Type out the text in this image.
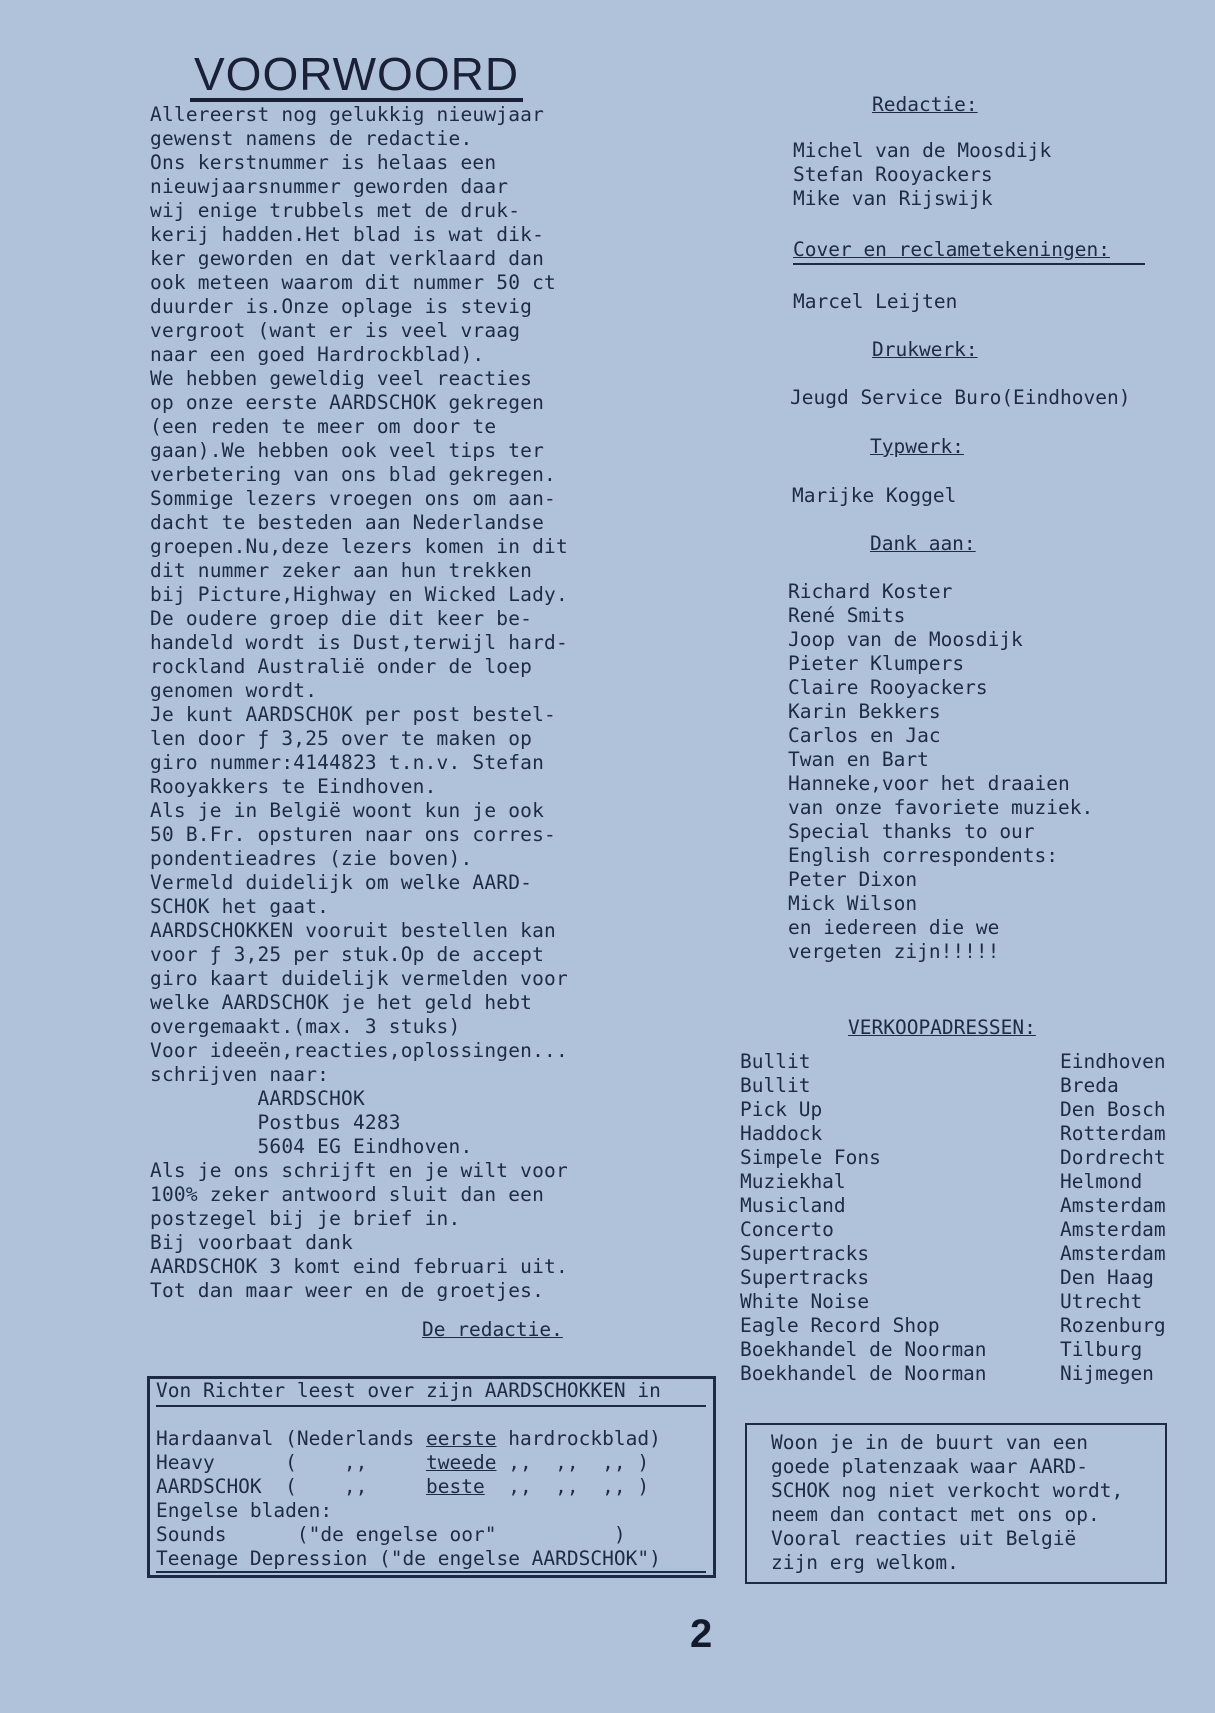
VOORWOORD
Allereerst nog gelukkig nieuwjaar
gewenst namens de redactie.
Ons kerstnummer is helaas een
nieuwjaarsnummer geworden daar
wij enige trubbels met de druk-
kerij hadden.Het blad is wat dik-
ker geworden en dat verklaard dan
ook meteen waarom dit nummer 50 ct
duurder is.Onze oplage is stevig
vergroot (want er is veel vraag
naar een goed Hardrockblad).
We hebben geweldig veel reacties
op onze eerste AARDSCHOK gekregen
(een reden te meer om door te
gaan).We hebben ook veel tips ter
verbetering van ons blad gekregen.
Sommige lezers vroegen ons om aan-
dacht te besteden aan Nederlandse
groepen.Nu,deze lezers komen in dit
dit nummer zeker aan hun trekken
bij Picture,Highway en Wicked Lady.
De oudere groep die dit keer be-
handeld wordt is Dust,terwijl hard-
rockland Australië onder de loep
genomen wordt.
Je kunt AARDSCHOK per post bestel-
len door ƒ 3,25 over te maken op
giro nummer:4144823 t.n.v. Stefan
Rooyakkers te Eindhoven.
Als je in België woont kun je ook
50 B.Fr. opsturen naar ons corres-
pondentieadres (zie boven).
Vermeld duidelijk om welke AARD-
SCHOK het gaat.
AARDSCHOKKEN vooruit bestellen kan
voor ƒ 3,25 per stuk.Op de accept
giro kaart duidelijk vermelden voor
welke AARDSCHOK je het geld hebt
overgemaakt.(max. 3 stuks)
Voor ideeën,reacties,oplossingen...
schrijven naar:
AARDSCHOK
Postbus 4283
5604 EG Eindhoven.
Als je ons schrijft en je wilt voor
100% zeker antwoord sluit dan een
postzegel bij je brief in.
Bij voorbaat dank
AARDSCHOK 3 komt eind februari uit.
Tot dan maar weer en de groetjes.
De redactie.
Redactie:
Michel van de Moosdijk
Stefan Rooyackers
Mike van Rijswijk
Cover en reclametekeningen:
Marcel Leijten
Drukwerk:
Jeugd Service Buro(Eindhoven)
Typwerk:
Marijke Koggel
Dank aan:
Richard Koster
René Smits
Joop van de Moosdijk
Pieter Klumpers
Claire Rooyackers
Karin Bekkers
Carlos en Jac
Twan en Bart
Hanneke,voor het draaien
van onze favoriete muziek.
Special thanks to our
English correspondents:
Peter Dixon
Mick Wilson
en iedereen die we
vergeten zijn!!!!!
VERKOOPADRESSEN:
Bullit	Eindhoven
Bullit	Breda
Pick Up	Den Bosch
Haddock	Rotterdam
Simpele Fons	Dordrecht
Muziekhal	Helmond
Musicland	Amsterdam
Concerto	Amsterdam
Supertracks	Amsterdam
Supertracks	Den Haag
White Noise	Utrecht
Eagle Record Shop	Rozenburg
Boekhandel de Noorman	Tilburg
Boekhandel de Noorman	Nijmegen

Von Richter leest over zijn AARDSCHOKKEN in

Hardaanval (Nederlands eerste hardrockblad)

Heavy      (    ,,     tweede ,,  ,,  ,, )

AARDSCHOK  (    ,,     beste  ,,  ,,  ,, )

Engelse bladen:

Sounds      ("de engelse oor"          )

Teenage Depression ("de engelse AARDSCHOK")

Woon je in de buurt van een
goede platenzaak waar AARD-
SCHOK nog niet verkocht wordt,
neem dan contact met ons op.
Vooral reacties uit België
zijn erg welkom.
2
